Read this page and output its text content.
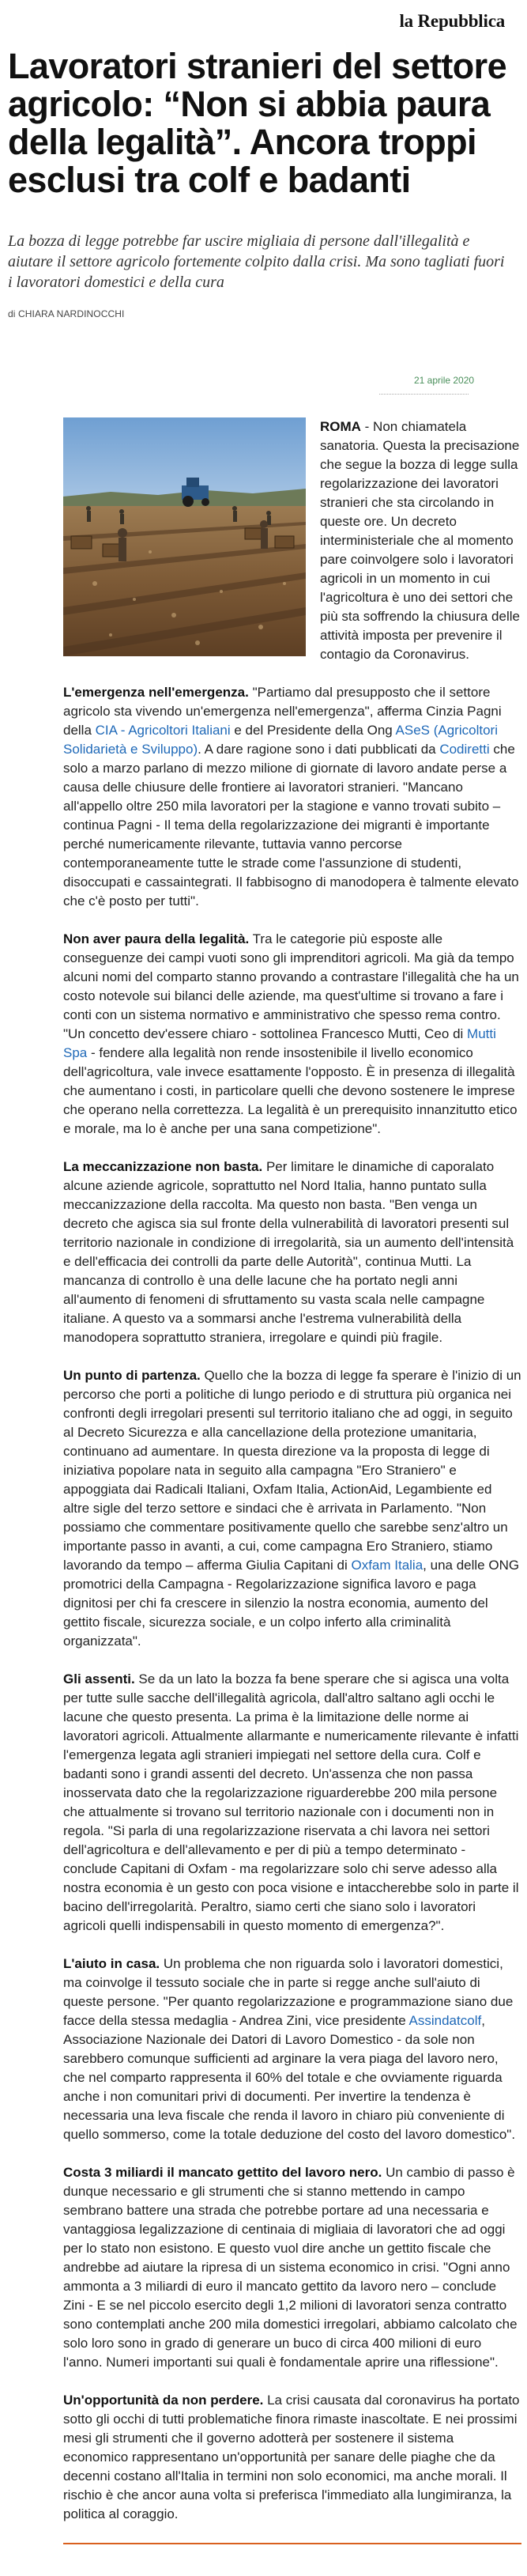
la Repubblica
Lavoratori stranieri del settore agricolo: “Non si abbia paura della legalità”. Ancora troppi esclusi tra colf e badanti

La bozza di legge potrebbe far uscire migliaia di persone dall'illegalità e aiutare il settore agricolo fortemente colpito dalla crisi. Ma sono tagliati fuori i lavoratori domestici e della cura

di CHIARA NARDINOCCHI
21 aprile 2020

ROMA - Non chiamatela sanatoria. Questa la precisazione che segue la bozza di legge sulla regolarizzazione dei lavoratori stranieri che sta circolando in queste ore. Un decreto interministeriale che al momento pare coinvolgere solo i lavoratori agricoli in un momento in cui l'agricoltura è uno dei settori che più sta soffrendo la chiusura delle attività imposta per prevenire il contagio da Coronavirus.

L'emergenza nell'emergenza. "Partiamo dal presupposto che il settore agricolo sta vivendo un'emergenza nell'emergenza", afferma Cinzia Pagni della CIA - Agricoltori Italiani e del Presidente della Ong ASeS (Agricoltori Solidarietà e Sviluppo). A dare ragione sono i dati pubblicati da Codiretti che solo a marzo parlano di mezzo milione di giornate di lavoro andate perse a causa delle chiusure delle frontiere ai lavoratori stranieri. "Mancano all'appello oltre 250 mila lavoratori per la stagione e vanno trovati subito – continua Pagni - Il tema della regolarizzazione dei migranti è importante perché numericamente rilevante, tuttavia vanno percorse contemporaneamente tutte le strade come l'assunzione di studenti, disoccupati e cassaintegrati. Il fabbisogno di manodopera è talmente elevato che c'è posto per tutti".

Non aver paura della legalità. Tra le categorie più esposte alle conseguenze dei campi vuoti sono gli imprenditori agricoli. Ma già da tempo alcuni nomi del comparto stanno provando a contrastare l'illegalità che ha un costo notevole sui bilanci delle aziende, ma quest'ultime si trovano a fare i conti con un sistema normativo e amministrativo che spesso rema contro. "Un concetto dev'essere chiaro - sottolinea Francesco Mutti, Ceo di Mutti Spa - fendere alla legalità non rende insostenibile il livello economico dell'agricoltura, vale invece esattamente l'opposto. È in presenza di illegalità che aumentano i costi, in particolare quelli che devono sostenere le imprese che operano nella correttezza. La legalità è un prerequisito innanzitutto etico e morale, ma lo è anche per una sana competizione".

La meccanizzazione non basta. Per limitare le dinamiche di caporalato alcune aziende agricole, soprattutto nel Nord Italia, hanno puntato sulla meccanizzazione della raccolta. Ma questo non basta. "Ben venga un decreto che agisca sia sul fronte della vulnerabilità di lavoratori presenti sul territorio nazionale in condizione di irregolarità, sia un aumento dell'intensità e dell'efficacia dei controlli da parte delle Autorità", continua Mutti. La mancanza di controllo è una delle lacune che ha portato negli anni all'aumento di fenomeni di sfruttamento su vasta scala nelle campagne italiane. A questo va a sommarsi anche l'estrema vulnerabilità della manodopera soprattutto straniera, irregolare e quindi più fragile.

Un punto di partenza. Quello che la bozza di legge fa sperare è l'inizio di un percorso che porti a politiche di lungo periodo e di struttura più organica nei confronti degli irregolari presenti sul territorio italiano che ad oggi, in seguito al Decreto Sicurezza e alla cancellazione della protezione umanitaria, continuano ad aumentare. In questa direzione va la proposta di legge di iniziativa popolare nata in seguito alla campagna "Ero Straniero" e appoggiata dai Radicali Italiani, Oxfam Italia, ActionAid, Legambiente ed altre sigle del terzo settore e sindaci che è arrivata in Parlamento. "Non possiamo che commentare positivamente quello che sarebbe senz'altro un importante passo in avanti, a cui, come campagna Ero Straniero, stiamo lavorando da tempo – afferma Giulia Capitani di Oxfam Italia, una delle ONG promotrici della Campagna - Regolarizzazione significa lavoro e paga dignitosi per chi fa crescere in silenzio la nostra economia, aumento del gettito fiscale, sicurezza sociale, e un colpo inferto alla criminalità organizzata".

Gli assenti. Se da un lato la bozza fa bene sperare che si agisca una volta per tutte sulle sacche dell'illegalità agricola, dall'altro saltano agli occhi le lacune che questo presenta. La prima è la limitazione delle norme ai lavoratori agricoli. Attualmente allarmante e numericamente rilevante è infatti l'emergenza legata agli stranieri impiegati nel settore della cura. Colf e badanti sono i grandi assenti del decreto. Un'assenza che non passa inosservata dato che la regolarizzazione riguarderebbe 200 mila persone che attualmente si trovano sul territorio nazionale con i documenti non in regola. "Si parla di una regolarizzazione riservata a chi lavora nei settori dell'agricoltura e dell'allevamento e per di più a tempo determinato - conclude Capitani di Oxfam - ma regolarizzare solo chi serve adesso alla nostra economia è un gesto con poca visione e intaccherebbe solo in parte il bacino dell'irregolarità. Peraltro, siamo certi che siano solo i lavoratori agricoli quelli indispensabili in questo momento di emergenza?".

L'aiuto in casa. Un problema che non riguarda solo i lavoratori domestici, ma coinvolge il tessuto sociale che in parte si regge anche sull'aiuto di queste persone. "Per quanto regolarizzazione e programmazione siano due facce della stessa medaglia - Andrea Zini, vice presidente Assindatcolf, Associazione Nazionale dei Datori di Lavoro Domestico - da sole non sarebbero comunque sufficienti ad arginare la vera piaga del lavoro nero, che nel comparto rappresenta il 60% del totale e che ovviamente riguarda anche i non comunitari privi di documenti. Per invertire la tendenza è necessaria una leva fiscale che renda il lavoro in chiaro più conveniente di quello sommerso, come la totale deduzione del costo del lavoro domestico".

Costa 3 miliardi il mancato gettito del lavoro nero. Un cambio di passo è dunque necessario e gli strumenti che si stanno mettendo in campo sembrano battere una strada che potrebbe portare ad una necessaria e vantaggiosa legalizzazione di centinaia di migliaia di lavoratori che ad oggi per lo stato non esistono. E questo vuol dire anche un gettito fiscale che andrebbe ad aiutare la ripresa di un sistema economico in crisi. "Ogni anno ammonta a 3 miliardi di euro il mancato gettito da lavoro nero – conclude Zini - E se nel piccolo esercito degli 1,2 milioni di lavoratori senza contratto sono contemplati anche 200 mila domestici irregolari, abbiamo calcolato che solo loro sono in grado di generare un buco di circa 400 milioni di euro l'anno. Numeri importanti sui quali è fondamentale aprire una riflessione".

Un'opportunità da non perdere. La crisi causata dal coronavirus ha portato sotto gli occhi di tutti problematiche finora rimaste inascoltate. E nei prossimi mesi gli strumenti che il governo adotterà per sostenere il sistema economico rappresentano un'opportunità per sanare delle piaghe che da decenni costano all'Italia in termini non solo economici, ma anche morali. Il rischio è che ancor auna volta si preferisca l'immediato alla lungimiranza, la politica al coraggio.
